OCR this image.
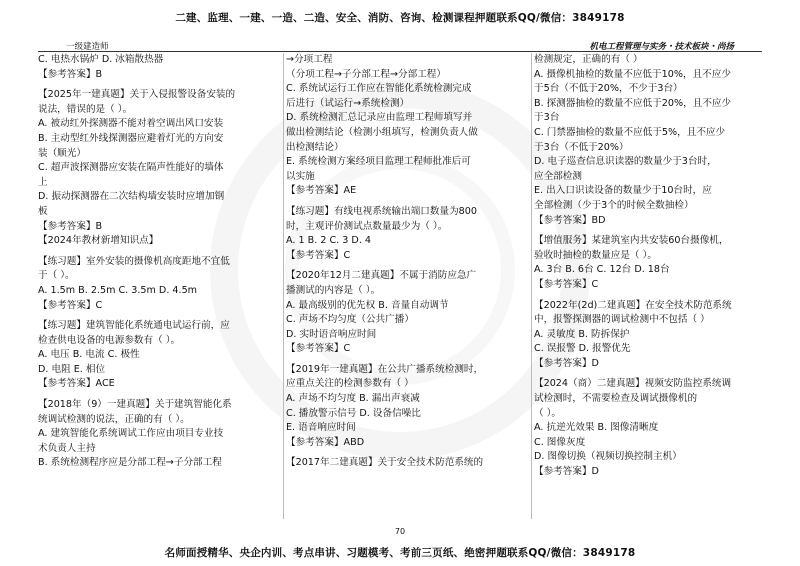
二建、监理、一建、一造、二造、安全、消防、咨询、检测课程押题联系QQ/微信：3849178
一级建造师	机电工程管理与实务・技术板块・尚扬
C. 电热水锅炉 D. 冰箱散热器
【参考答案】B
【2025年一建真题】关于入侵报警设备安装的
说法，错误的是（ ）。
A. 被动红外探测器不能对着空调出风口安装
B. 主动型红外线探测器应避着灯光的方向安
装（顺光）
C. 超声波探测器应安装在隔声性能好的墙体
上
D. 振动探测器在二次结构墙安装时应增加钢
板
【参考答案】B
【2024年教材新增知识点】
【练习题】室外安装的摄像机高度距地不宜低
于（ ）。
A. 1.5m B. 2.5m C. 3.5m D. 4.5m
【参考答案】C
【练习题】建筑智能化系统通电试运行前，应
检查供电设备的电源参数有（ ）。
A. 电压 B. 电流 C. 极性
D. 电阻 E. 相位
【参考答案】ACE
【2018年（9）一建真题】关于建筑智能化系
统调试检测的说法，正确的有（ ）。
A. 建筑智能化系统调试工作应由项目专业技
术负责人主持
B. 系统检测程序应是分部工程→子分部工程
→分项工程
（分项工程→子分部工程→分部工程）
C. 系统试运行工作应在智能化系统检测完成
后进行（试运行→系统检测）
D. 系统检测汇总记录应由监理工程师填写并
做出检测结论（检测小组填写，检测负责人做
出检测结论）
E. 系统检测方案经项目监理工程师批准后可
以实施
【参考答案】AE
【练习题】有线电视系统输出端口数量为800
时，主观评价测试点数量最少为（ ）。
A. 1 B. 2 C. 3 D. 4
【参考答案】C
【2020年12月二建真题】不属于消防应急广
播测试的内容是（ ）。
A. 最高级别的优先权 B. 音量自动调节
C. 声场不均匀度（公共广播）
D. 实时语音响应时间
【参考答案】C
【2019年一建真题】在公共广播系统检测时，
应重点关注的检测参数有（ ）
A. 声场不均匀度 B. 漏出声衰减
C. 播放警示信号 D. 设备信噪比
E. 语音响应时间
【参考答案】ABD
【2017年二建真题】关于安全技术防范系统的
检测规定，正确的有（ ）
A. 摄像机抽检的数量不应低于10%，且不应少
于5台（不低于20%，不少于3台）
B. 探测器抽检的数量不应低于20%，且不应少
于3台
C. 门禁器抽检的数量不应低于5%，且不应少
于3台（不低于20%）
D. 电子巡查信息识读器的数量少于3台时，
应全部检测
E. 出入口识读设备的数量少于10台时，应
全部检测（少于3个的时候全数抽检）
【参考答案】BD
【增值服务】某建筑室内共安装60台摄像机，
验收时抽检的数量应是（ ）。
A. 3台 B. 6台 C. 12台 D. 18台
【参考答案】C
【2022年(2d)二建真题】在安全技术防范系统
中，报警探测器的调试检测中不包括（ ）
A. 灵敏度 B. 防拆保护
C. 误报警 D. 报警优先
【参考答案】D
【2024（商）二建真题】视频安防监控系统调
试检测时，不需要检查及调试摄像机的
（ ）。
A. 抗逆光效果 B. 图像清晰度
C. 图像灰度
D. 图像切换（视频切换控制主机）
【参考答案】D
70
名师面授精华、央企内训、考点串讲、习题模考、考前三页纸、绝密押题联系QQ/微信：3849178
